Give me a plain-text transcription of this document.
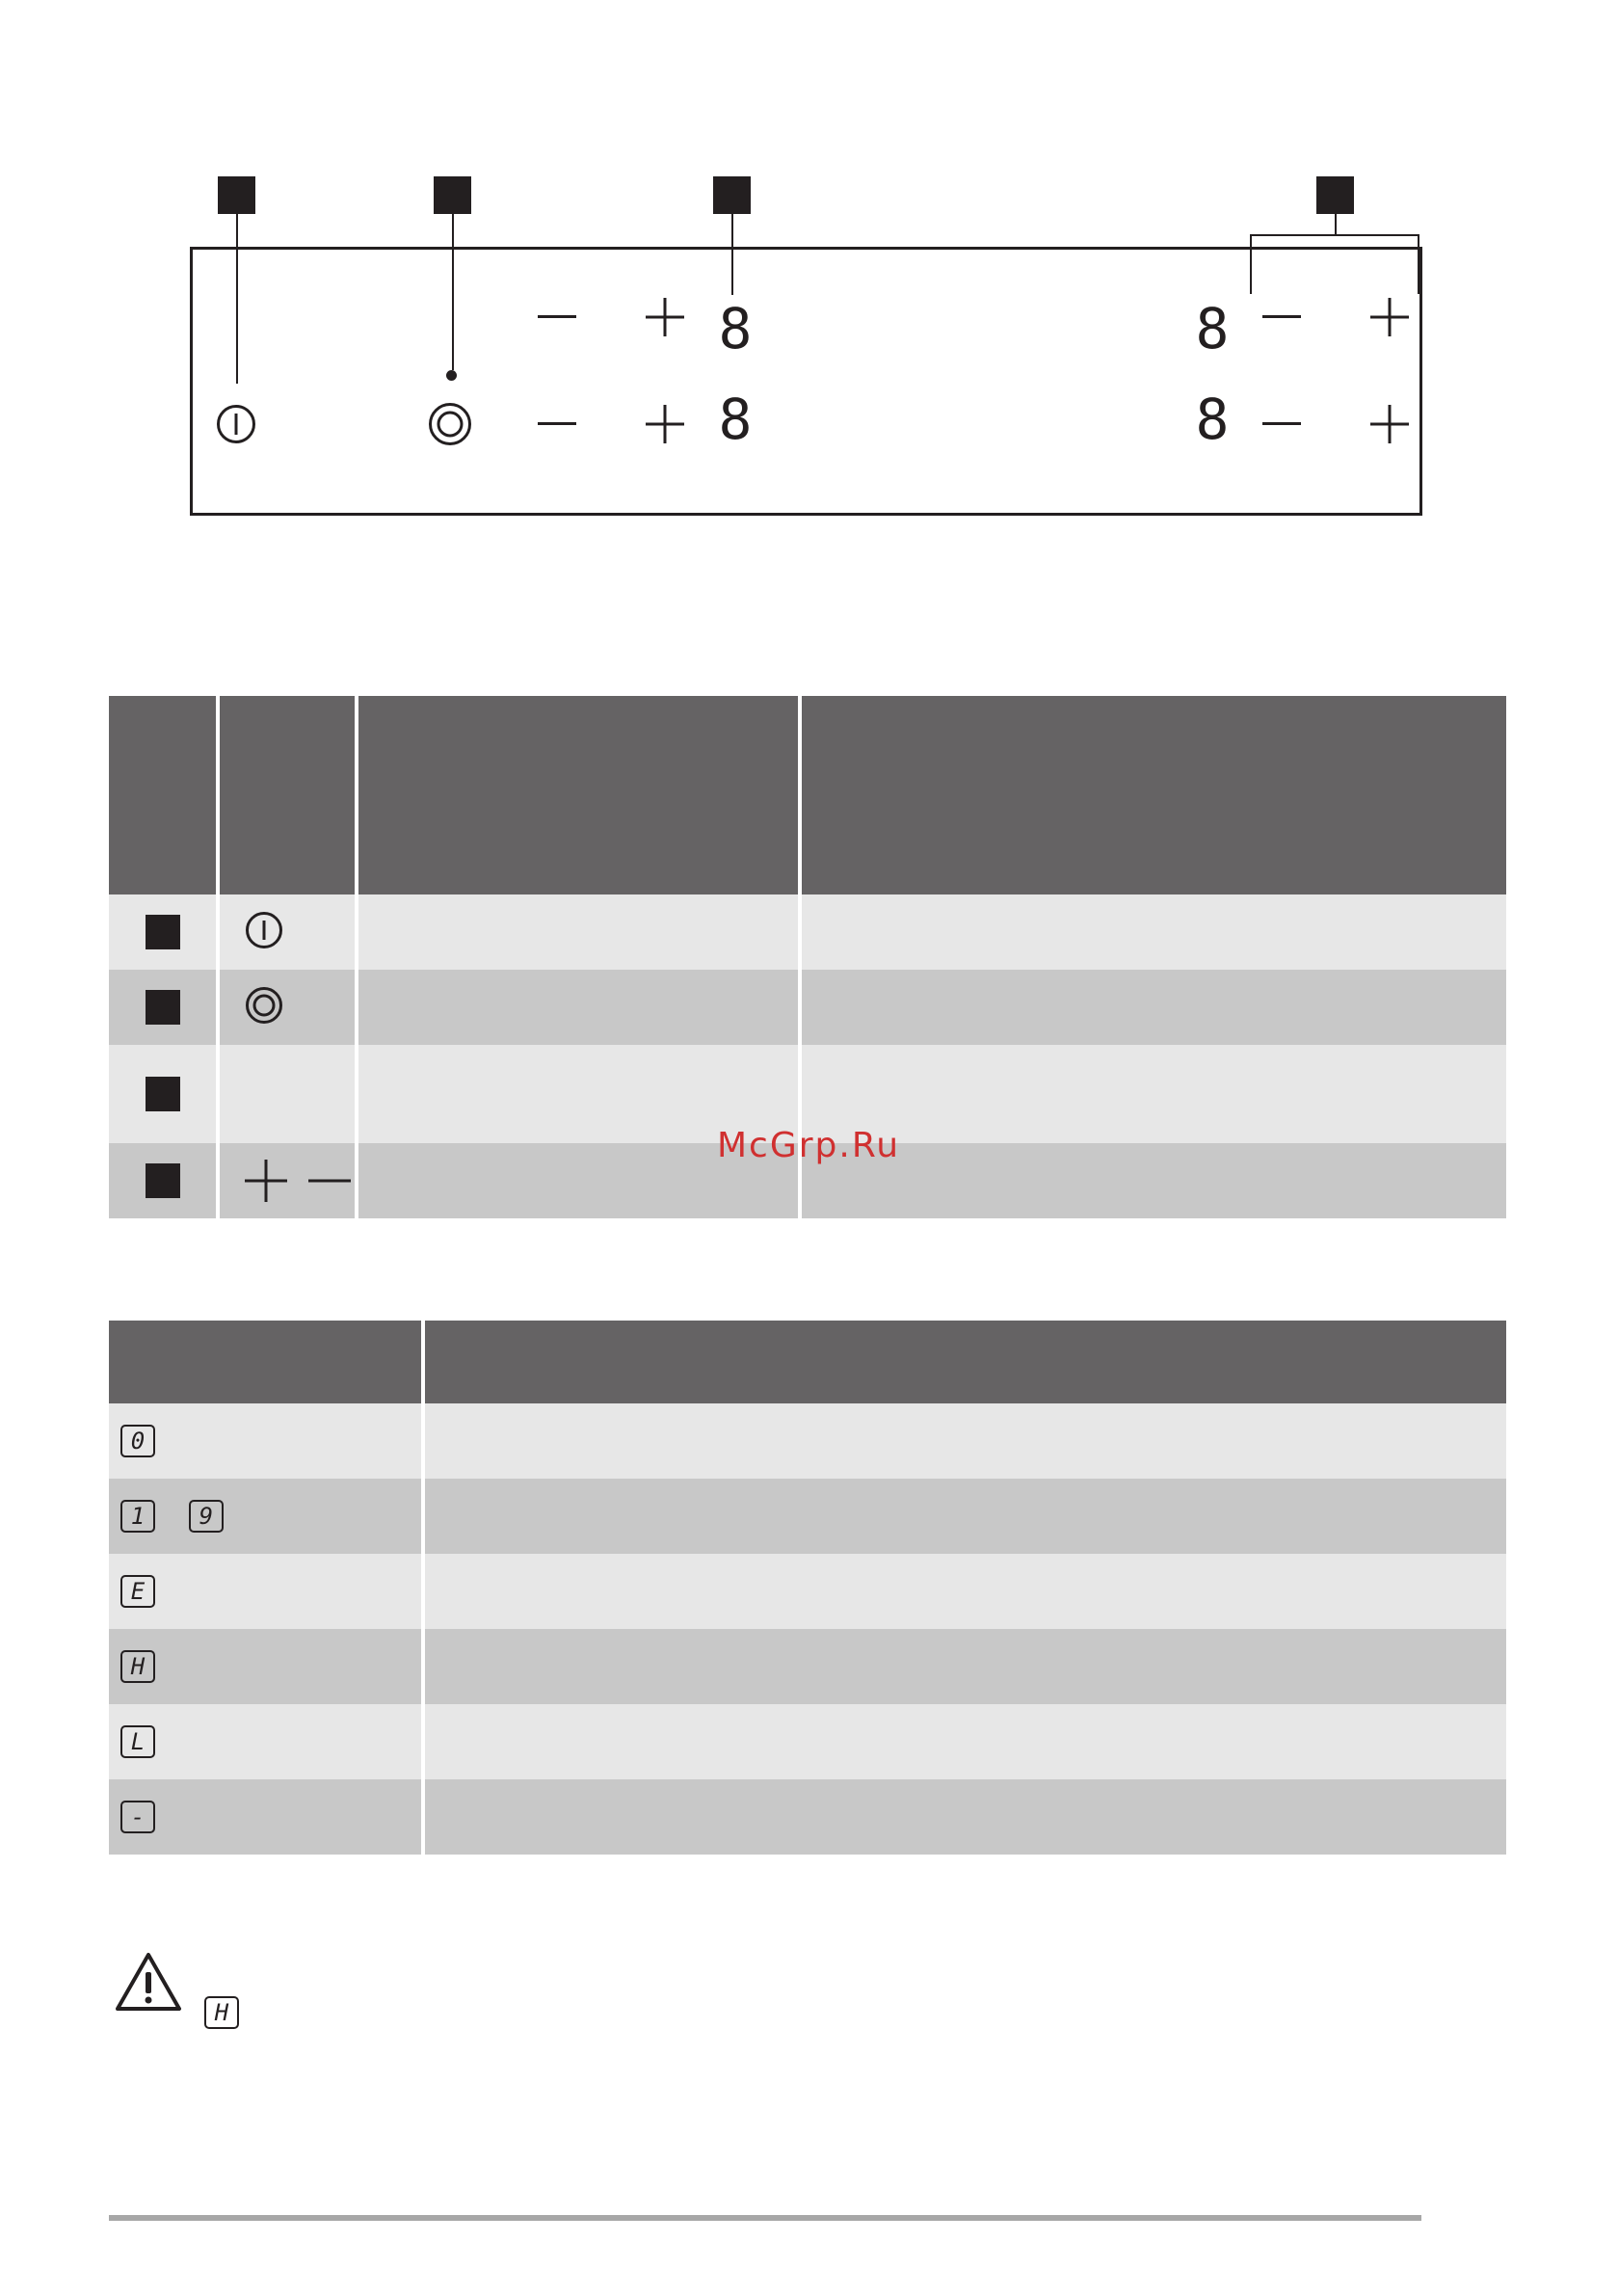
8
8
8
8

McGrp.Ru

0	
1 9	
E	
H	
L	
-	
H
